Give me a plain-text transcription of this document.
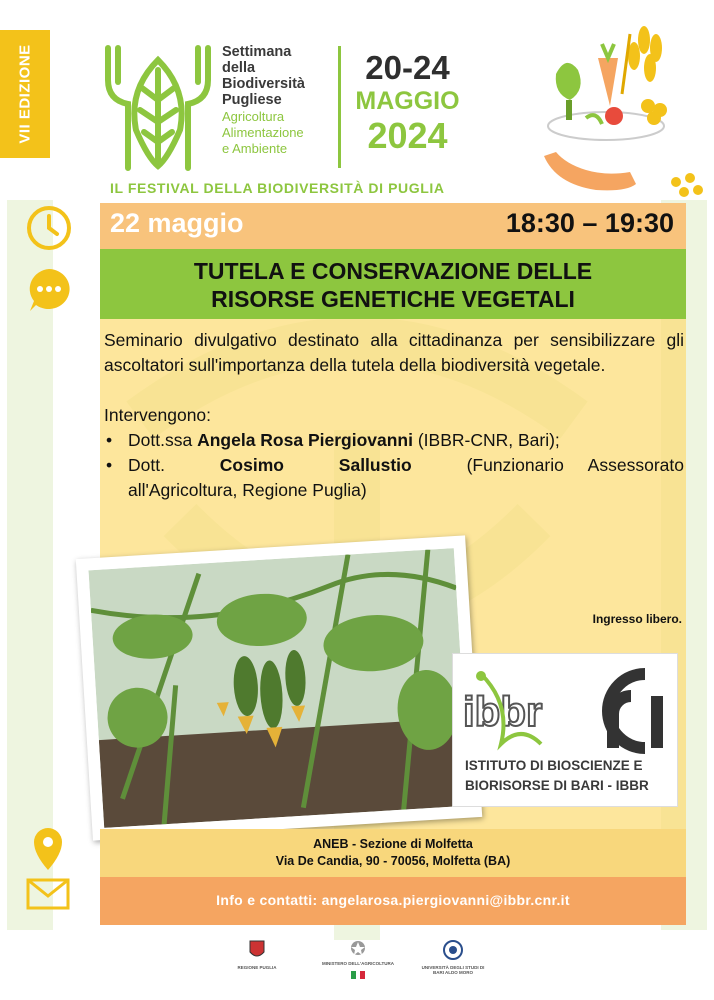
VII EDIZIONE	Settimana
della
Biodiversità
Pugliese
Agricoltura
Alimentazione
e Ambiente
20-24
MAGGIO
2024
IL FESTIVAL DELLA BIODIVERSITÀ DI PUGLIA
22 maggio	18:30 – 19:30
TUTELA E CONSERVAZIONE DELLE
RISORSE GENETICHE VEGETALI

Seminario divulgativo destinato alla cittadinanza per sensibilizzare gli ascoltatori sull'importanza della tutela della biodiversità vegetale.

Intervengono:

• Dott.ssa Angela Rosa Piergiovanni (IBBR-CNR, Bari);
• Dott.	Cosimo Sallustio	(Funzionario Assessorato all'Agricoltura, Regione Puglia)
Ingresso libero.
ibbr
ISTITUTO DI BIOSCIENZE E
BIORISORSE DI BARI - IBBR
ANEB - Sezione di Molfetta
Via De Candia, 90 - 70056, Molfetta (BA)
Info e contatti: angelarosa.piergiovanni@ibbr.cnr.it
REGIONE PUGLIA
MINISTERO DELL'AGRICOLTURA
UNIVERSITÀ DEGLI STUDI DI BARI ALDO MORO
